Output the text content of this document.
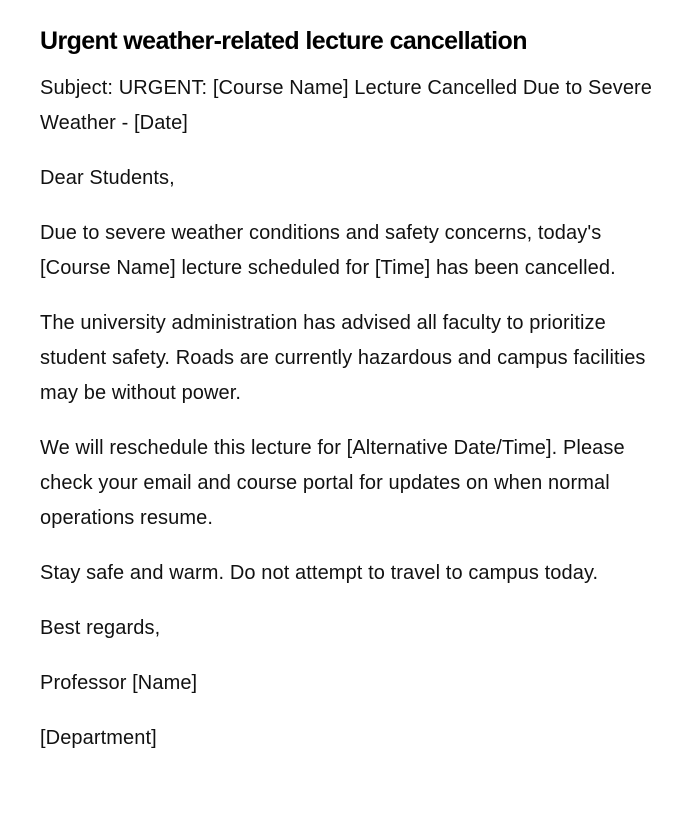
Urgent weather-related lecture cancellation

Subject: URGENT: [Course Name] Lecture Cancelled Due to Severe Weather - [Date]

Dear Students,

Due to severe weather conditions and safety concerns, today's [Course Name] lecture scheduled for [Time] has been cancelled.

The university administration has advised all faculty to prioritize student safety. Roads are currently hazardous and campus facilities may be without power.

We will reschedule this lecture for [Alternative Date/Time]. Please check your email and course portal for updates on when normal operations resume.

Stay safe and warm. Do not attempt to travel to campus today.

Best regards,

Professor [Name]

[Department]
